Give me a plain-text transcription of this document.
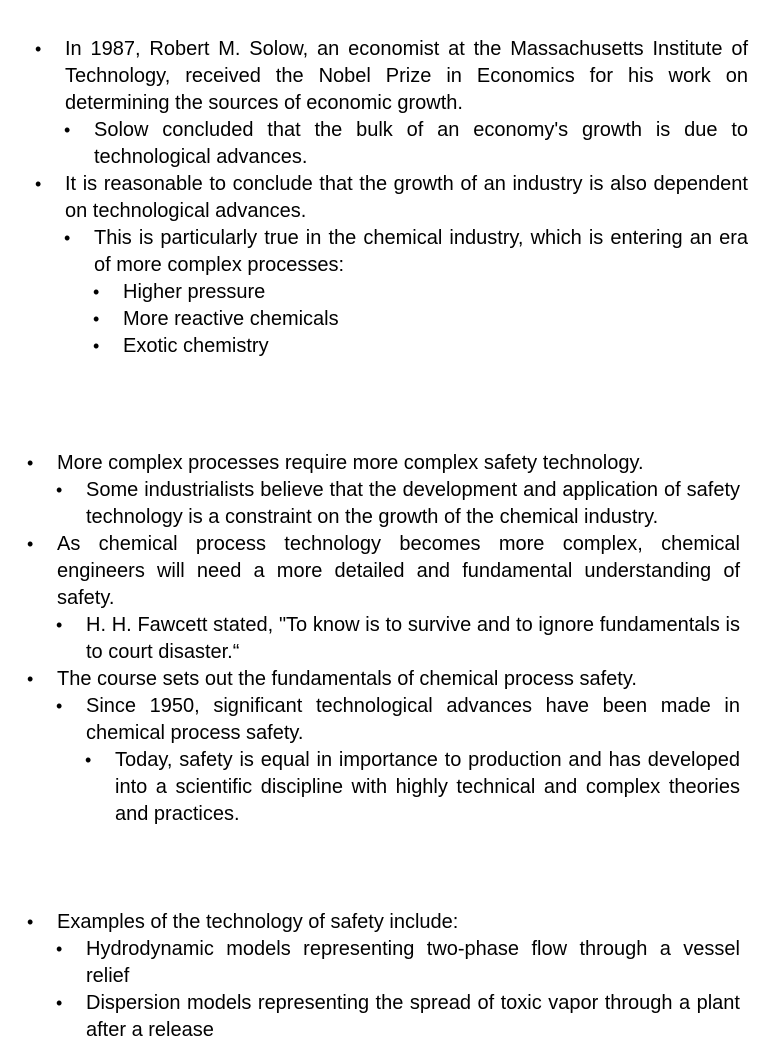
• In 1987, Robert M. Solow, an economist at the Massachusetts Institute of Technology, received the Nobel Prize in Economics for his work on determining the sources of economic growth.
• Solow concluded that the bulk of an economy's growth is due to technological advances.
• It is reasonable to conclude that the growth of an industry is also dependent on technological advances.
• This is particularly true in the chemical industry, which is entering an era of more complex processes:
• Higher pressure
• More reactive chemicals
• Exotic chemistry
• More complex processes require more complex safety technology.
• Some industrialists believe that the development and application of safety technology is a constraint on the growth of the chemical industry.
• As chemical process technology becomes more complex, chemical engineers will need a more detailed and fundamental understanding of safety.
• H. H. Fawcett stated, "To know is to survive and to ignore fundamentals is to court disaster.“
• The course sets out the fundamentals of chemical process safety.
• Since 1950, significant technological advances have been made in chemical process safety.
• Today, safety is equal in importance to production and has developed into a scientific discipline with highly technical and complex theories and practices.
• Examples of the technology of safety include:
• Hydrodynamic models representing two-phase flow through a vessel relief
• Dispersion models representing the spread of toxic vapor through a plant after a release
